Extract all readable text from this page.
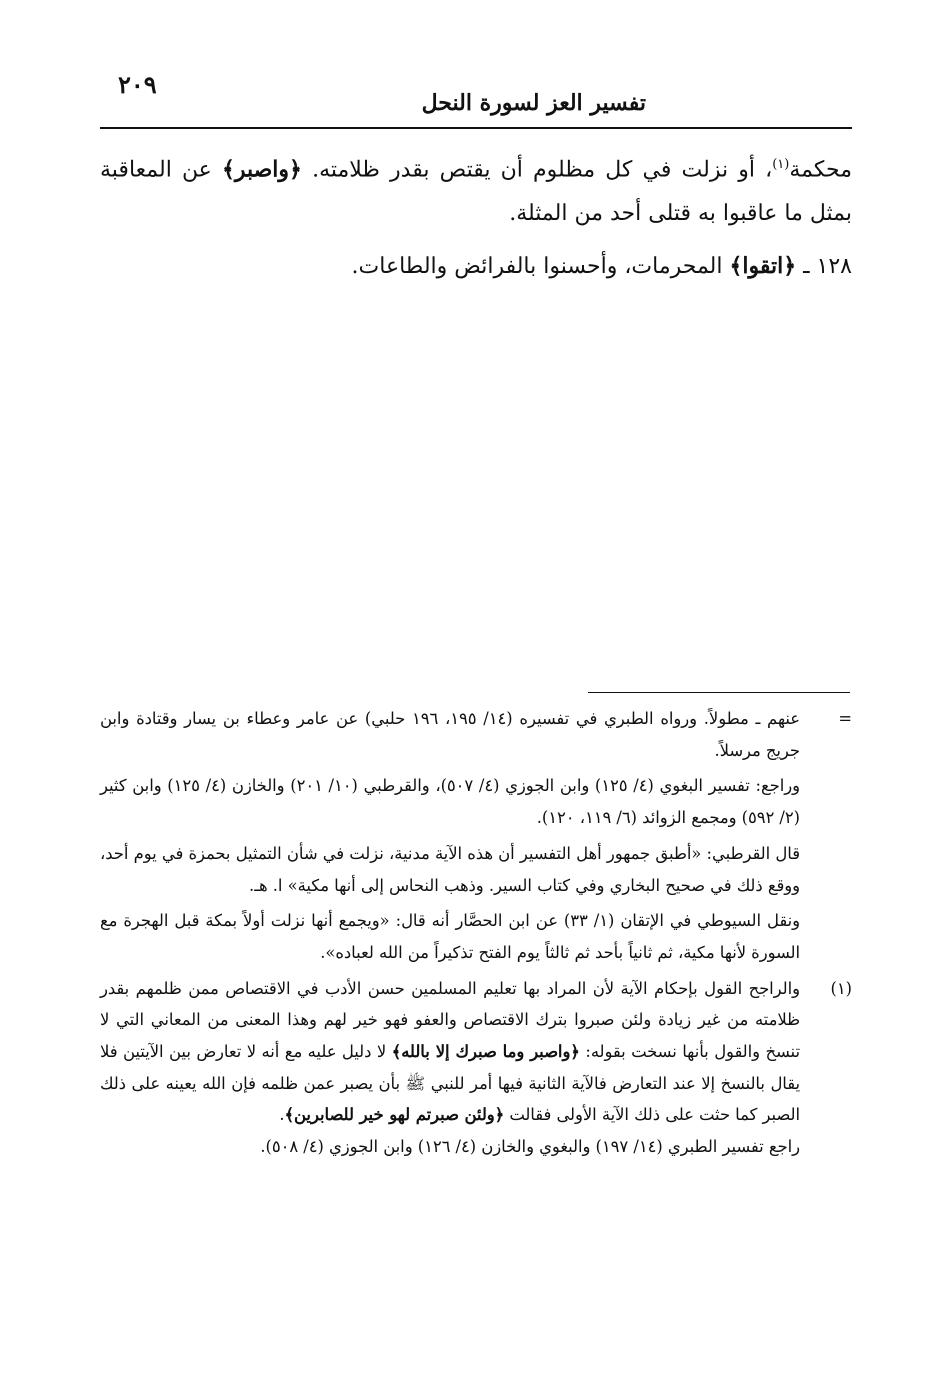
٢٠٩
تفسير العز لسورة النحل

محكمة$^{(١)}$، أو نزلت في كل مظلوم أن يقتص بقدر ظلامته. ﴿واصبر﴾ عن المعاقبة بمثل ما عاقبوا به قتلى أحد من المثلة.

١٢٨ ـ ﴿اتقوا﴾ المحرمات، وأحسنوا بالفرائض والطاعات.

=
عنهم ـ مطولاً. ورواه الطبري في تفسيره (١٤/ ١٩٥، ١٩٦ حلبي) عن عامر وعطاء بن يسار وقتادة وابن جريج مرسلاً.
وراجع: تفسير البغوي (٤/ ١٢٥) وابن الجوزي (٤/ ٥٠٧)، والقرطبي (١٠/ ٢٠١) والخازن (٤/ ١٢٥) وابن كثير (٢/ ٥٩٢) ومجمع الزوائد (٦/ ١١٩، ١٢٠).
قال القرطبي: «أطبق جمهور أهل التفسير أن هذه الآية مدنية، نزلت في شأن التمثيل بحمزة في يوم أحد، ووقع ذلك في صحيح البخاري وفي كتاب السير. وذهب النحاس إلى أنها مكية» ا. هـ.
ونقل السيوطي في الإتقان (١/ ٣٣) عن ابن الحصَّار أنه قال: «ويجمع أنها نزلت أولاً بمكة قبل الهجرة مع السورة لأنها مكية، ثم ثانياً بأحد ثم ثالثاً يوم الفتح تذكيراً من الله لعباده».
(١)
والراجح القول بإحكام الآية لأن المراد بها تعليم المسلمين حسن الأدب في الاقتصاص ممن ظلمهم بقدر ظلامته من غير زيادة ولئن صبروا بترك الاقتصاص والعفو فهو خير لهم وهذا المعنى من المعاني التي لا تنسخ والقول بأنها نسخت بقوله: ﴿واصبر وما صبرك إلا بالله﴾ لا دليل عليه مع أنه لا تعارض بين الآيتين فلا يقال بالنسخ إلا عند التعارض فالآية الثانية فيها أمر للنبي ﷺ بأن يصبر عمن ظلمه فإن الله يعينه على ذلك الصبر كما حثت على ذلك الآية الأولى فقالت ﴿ولئن صبرتم لهو خير للصابرين﴾.
راجع تفسير الطبري (١٤/ ١٩٧) والبغوي والخازن (٤/ ١٢٦) وابن الجوزي (٤/ ٥٠٨).
